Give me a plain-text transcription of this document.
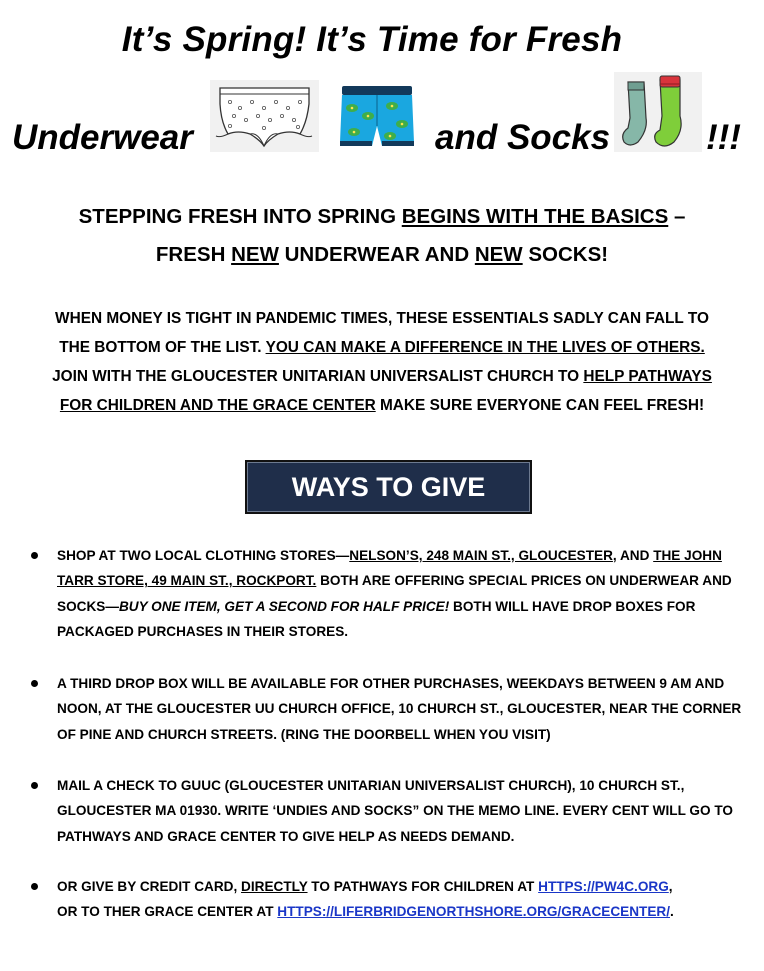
It’s Spring! It’s Time for Fresh
Underwear	and Socks	!!!
STEPPING FRESH INTO SPRING BEGINS WITH THE BASICS –
FRESH NEW UNDERWEAR AND NEW SOCKS!
WHEN MONEY IS TIGHT IN PANDEMIC TIMES, THESE ESSENTIALS SADLY CAN FALL TO
THE BOTTOM OF THE LIST. YOU CAN MAKE A DIFFERENCE IN THE LIVES OF OTHERS.
JOIN WITH THE GLOUCESTER UNITARIAN UNIVERSALIST CHURCH TO HELP PATHWAYS
FOR CHILDREN AND THE GRACE CENTER MAKE SURE EVERYONE CAN FEEL FRESH!
WAYS TO GIVE
SHOP AT TWO LOCAL CLOTHING STORES—NELSON’S, 248 MAIN ST., GLOUCESTER, AND THE JOHN TARR STORE, 49 MAIN ST., ROCKPORT. BOTH ARE OFFERING SPECIAL PRICES ON UNDERWEAR AND SOCKS—BUY ONE ITEM, GET A SECOND FOR HALF PRICE! BOTH WILL HAVE DROP BOXES FOR PACKAGED PURCHASES IN THEIR STORES.
A THIRD DROP BOX WILL BE AVAILABLE FOR OTHER PURCHASES, WEEKDAYS BETWEEN 9 AM AND NOON, AT THE GLOUCESTER UU CHURCH OFFICE, 10 CHURCH ST., GLOUCESTER, NEAR THE CORNER OF PINE AND CHURCH STREETS. (RING THE DOORBELL WHEN YOU VISIT)
MAIL A CHECK TO GUUC (GLOUCESTER UNITARIAN UNIVERSALIST CHURCH), 10 CHURCH ST., GLOUCESTER MA 01930. WRITE ‘UNDIES AND SOCKS” ON THE MEMO LINE. EVERY CENT WILL GO TO PATHWAYS AND GRACE CENTER TO GIVE HELP AS NEEDS DEMAND.
OR GIVE BY CREDIT CARD, DIRECTLY TO PATHWAYS FOR CHILDREN AT HTTPS://PW4C.ORG,
OR TO THER GRACE CENTER AT HTTPS://LIFERBRIDGENORTHSHORE.ORG/GRACECENTER/.
